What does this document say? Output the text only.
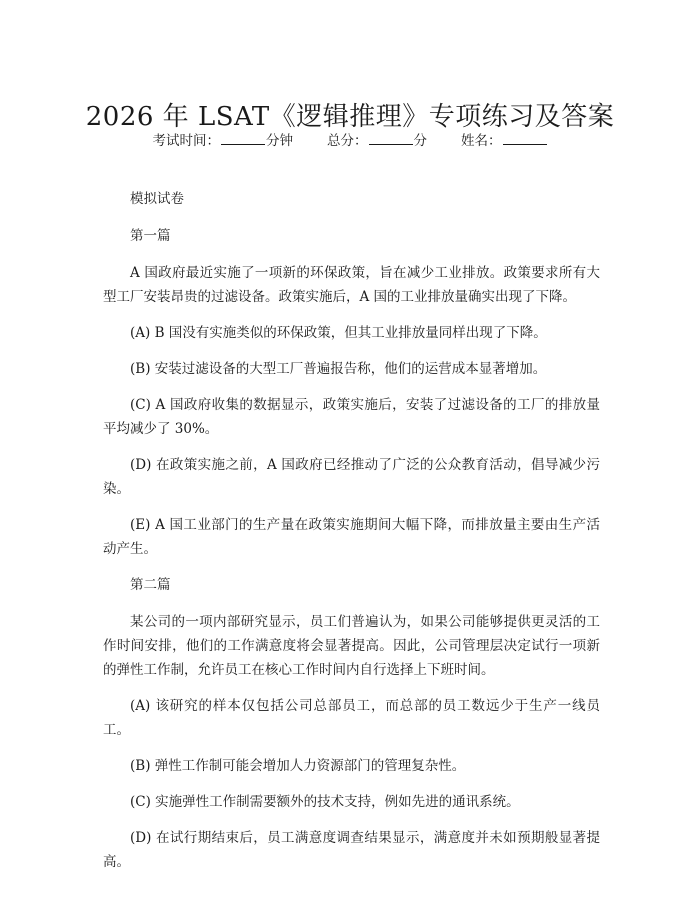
2026 年 LSAT《逻辑推理》专项练习及答案
考试时间：	分钟	总分：	分	姓名：

模拟试卷

第一篇

A 国政府最近实施了一项新的环保政策，旨在减少工业排放。政策要求所有大型工厂安装昂贵的过滤设备。政策实施后，A 国的工业排放量确实出现了下降。

(A) B 国没有实施类似的环保政策，但其工业排放量同样出现了下降。

(B) 安装过滤设备的大型工厂普遍报告称，他们的运营成本显著增加。

(C) A 国政府收集的数据显示，政策实施后，安装了过滤设备的工厂的排放量平均减少了 30%。

(D) 在政策实施之前，A 国政府已经推动了广泛的公众教育活动，倡导减少污染。

(E) A 国工业部门的生产量在政策实施期间大幅下降，而排放量主要由生产活动产生。

第二篇

某公司的一项内部研究显示，员工们普遍认为，如果公司能够提供更灵活的工作时间安排，他们的工作满意度将会显著提高。因此，公司管理层决定试行一项新的弹性工作制，允许员工在核心工作时间内自行选择上下班时间。

(A) 该研究的样本仅包括公司总部员工，而总部的员工数远少于生产一线员工。

(B) 弹性工作制可能会增加人力资源部门的管理复杂性。

(C) 实施弹性工作制需要额外的技术支持，例如先进的通讯系统。

(D) 在试行期结束后，员工满意度调查结果显示，满意度并未如预期般显著提高。
